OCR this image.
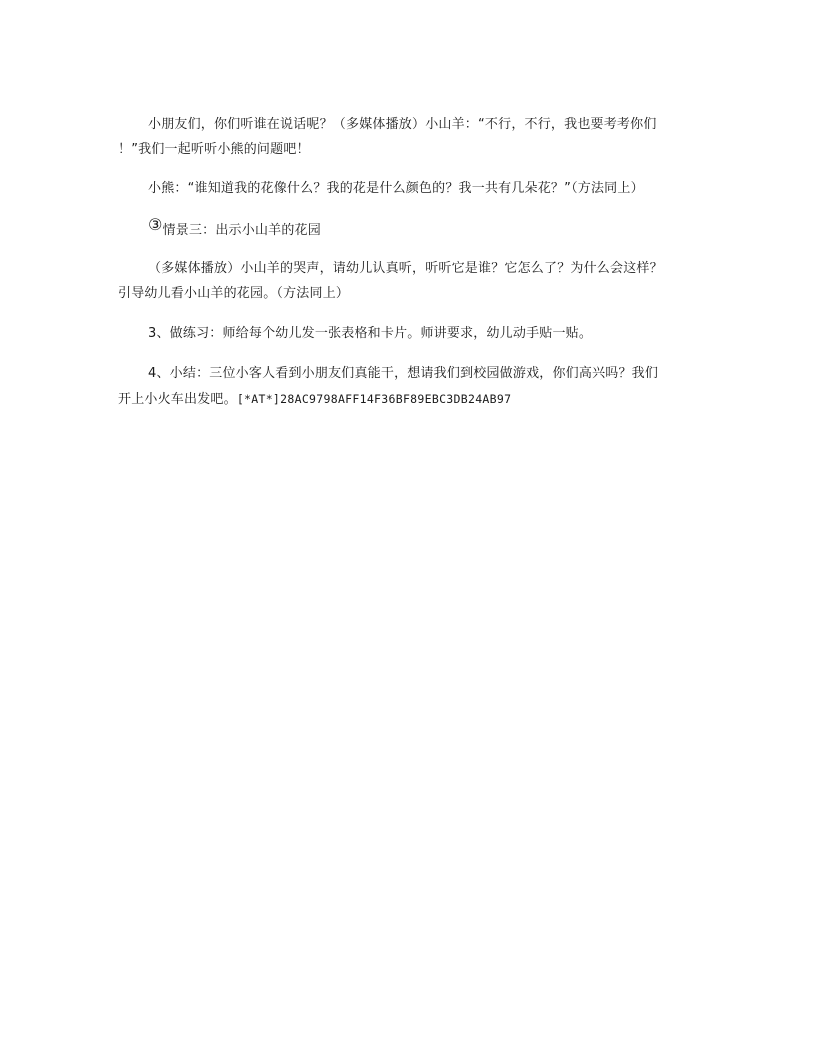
小朋友们，你们听谁在说话呢？（多媒体播放）小山羊：“不行，不行，我也要考考你们
！”我们一起听听小熊的问题吧！
小熊：“谁知道我的花像什么？我的花是什么颜色的？我一共有几朵花？”（方法同上）
③情景三：出示小山羊的花园
（多媒体播放）小山羊的哭声，请幼儿认真听，听听它是谁？它怎么了？为什么会这样？
引导幼儿看小山羊的花园。（方法同上）
3、做练习：师给每个幼儿发一张表格和卡片。师讲要求，幼儿动手贴一贴。
4、小结：三位小客人看到小朋友们真能干，想请我们到校园做游戏，你们高兴吗？我们
开上小火车出发吧。[*AT*]28AC9798AFF14F36BF89EBC3DB24AB97
